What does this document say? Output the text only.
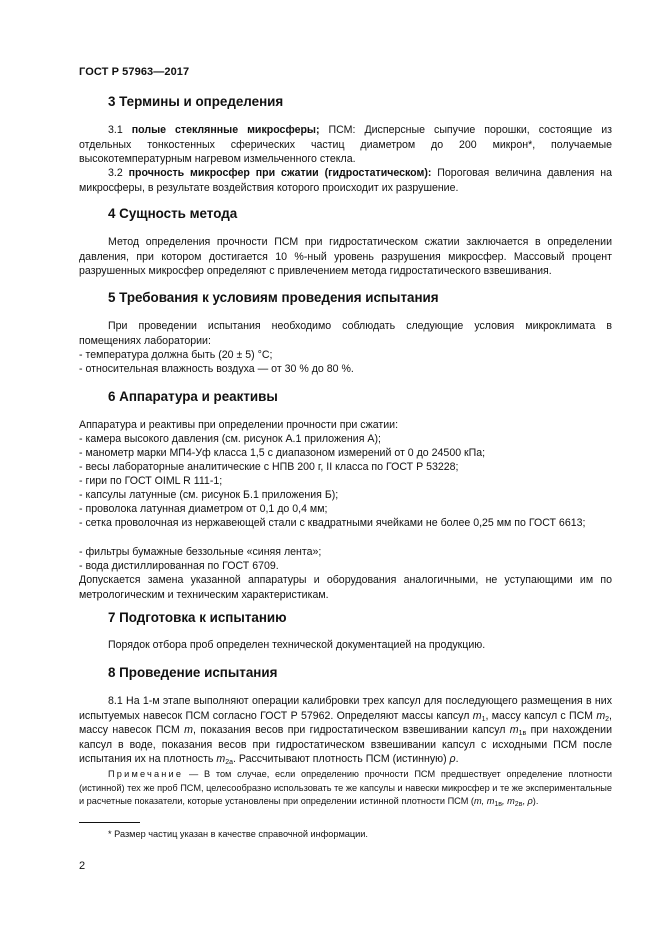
ГОСТ Р 57963—2017
3 Термины и определения

3.1 полые стеклянные микросферы; ПСМ: Дисперсные сыпучие порошки, состоящие из отдельных тонкостенных сферических частиц диаметром до 200 микрон*, получаемые высокотемпературным нагревом измельченного стекла.

3.2 прочность микросфер при сжатии (гидростатическом): Пороговая величина давления на микросферы, в результате воздействия которого происходит их разрушение.

4 Сущность метода

Метод определения прочности ПСМ при гидростатическом сжатии заключается в определении давления, при котором достигается 10 %-ный уровень разрушения микросфер. Массовый процент разрушенных микросфер определяют с привлечением метода гидростатического взвешивания.

5 Требования к условиям проведения испытания

При проведении испытания необходимо соблюдать следующие условия микроклимата в помещениях лаборатории:

- температура должна быть (20 ± 5) °С;

- относительная влажность воздуха — от 30 % до 80 %.

6 Аппаратура и реактивы

Аппаратура и реактивы при определении прочности при сжатии:

- камера высокого давления (см. рисунок А.1 приложения А);

- манометр марки МП4-Уф класса 1,5 с диапазоном измерений от 0 до 24500 кПа;

- весы лабораторные аналитические с НПВ 200 г, II класса по ГОСТ Р 53228;

- гири по ГОСТ OIML R 111-1;

- капсулы латунные (см. рисунок Б.1 приложения Б);

- проволока латунная диаметром от 0,1 до 0,4 мм;

- сетка проволочная из нержавеющей стали с квадратными ячейками не более 0,25 мм по ГОСТ 6613;

- фильтры бумажные беззольные «синяя лента»;

- вода дистиллированная по ГОСТ 6709.

Допускается замена указанной аппаратуры и оборудования аналогичными, не уступающими им по метрологическим и техническим характеристикам.

7 Подготовка к испытанию

Порядок отбора проб определен технической документацией на продукцию.

8 Проведение испытания

8.1 На 1-м этапе выполняют операции калибровки трех капсул для последующего размещения в них испытуемых навесок ПСМ согласно ГОСТ Р 57962. Определяют массы капсул $m_1$, массу капсул с ПСМ $m_2$, массу навесок ПСМ m, показания весов при гидростатическом взвешивании капсул $m_{1в}$ при нахождении капсул в воде, показания весов при гидростатическом взвешивании капсул с исходными ПСМ после испытания их на плотность $m_{2а}$. Рассчитывают плотность ПСМ (истинную) ρ.

Примечание — В том случае, если определению прочности ПСМ предшествует определение плотности (истинной) тех же проб ПСМ, целесообразно использовать те же капсулы и навески микросфер и те же экспериментальные и расчетные показатели, которые установлены при определении истинной плотности ПСМ (m, $m_{1в}$, $m_{2в}$, ρ).

* Размер частиц указан в качестве справочной информации.
2
